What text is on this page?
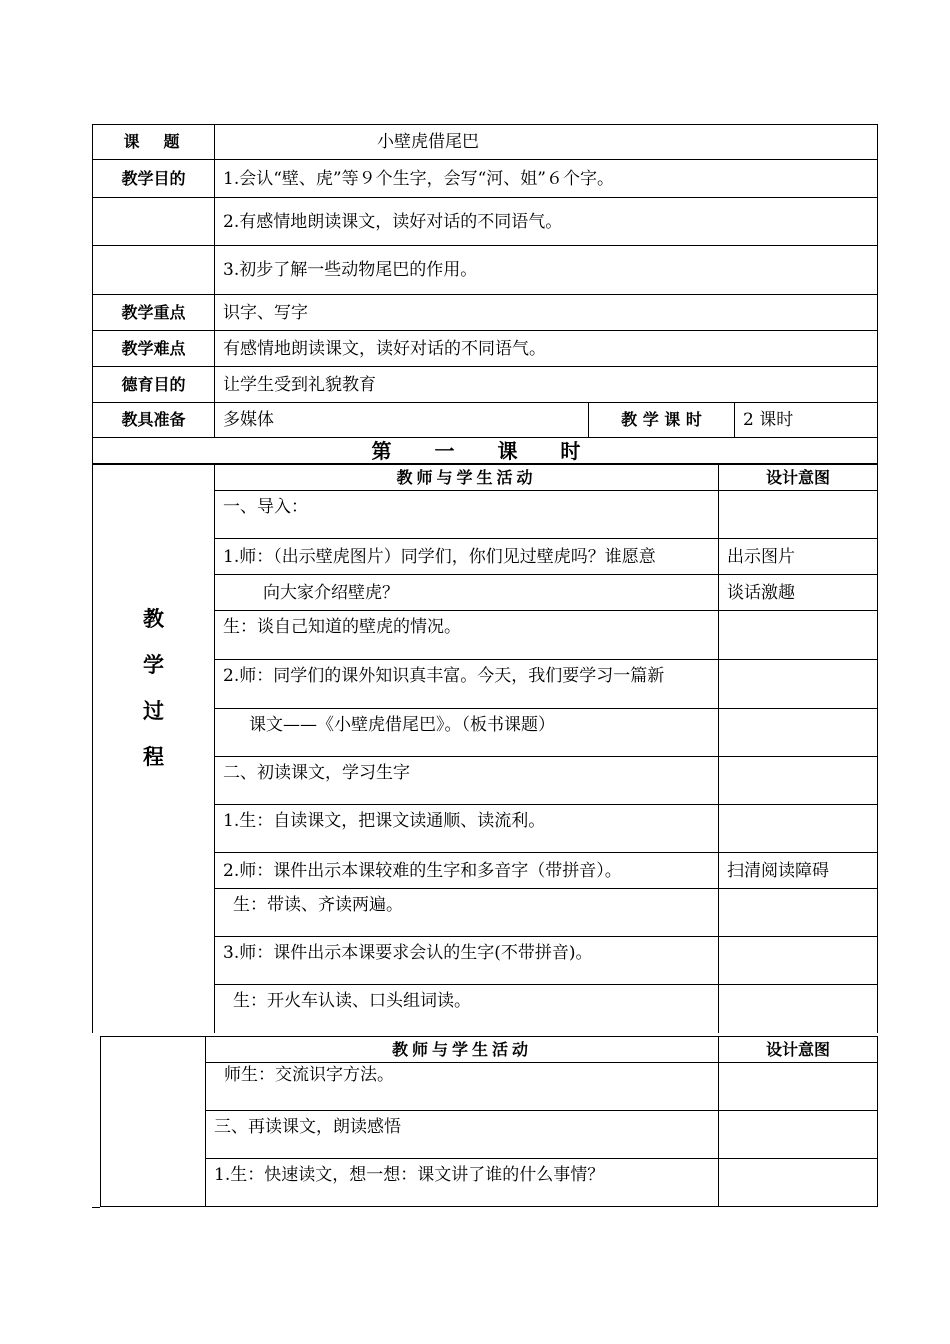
课　题	小壁虎借尾巴		
教学目的	1.会认“壁、虎”等９个生字，会写“河、姐”６个字。		
	2.有感情地朗读课文，读好对话的不同语气。		
	3.初步了解一些动物尾巴的作用。		
教学重点	识字、写字		
教学难点	有感情地朗读课文，读好对话的不同语气。		
德育目的	让学生受到礼貌教育		
教具准备	多媒体	教 学 课 时	2 课时
第 一 课 时			
教
学
过
程	教师与学生活动	设计意图
	一、导入：	
	1.师：（出示壁虎图片）同学们，你们见过壁虎吗？谁愿意	出示图片
	向大家介绍壁虎？	谈话激趣
	生：谈自己知道的壁虎的情况。	
	2.师：同学们的课外知识真丰富。今天，我们要学习一篇新	
	课文——《小壁虎借尾巴》。（板书课题）	
	二、初读课文，学习生字	
	1.生：自读课文，把课文读通顺、读流利。	
	2.师：课件出示本课较难的生字和多音字（带拼音）。	扫清阅读障碍
	生：带读、齐读两遍。	
	3.师：课件出示本课要求会认的生字(不带拼音)。	
	生：开火车认读、口头组词读。	
	教师与学生活动	设计意图
	师生：交流识字方法。	
	三、再读课文，朗读感悟	
	1.生：快速读文，想一想：课文讲了谁的什么事情？	
